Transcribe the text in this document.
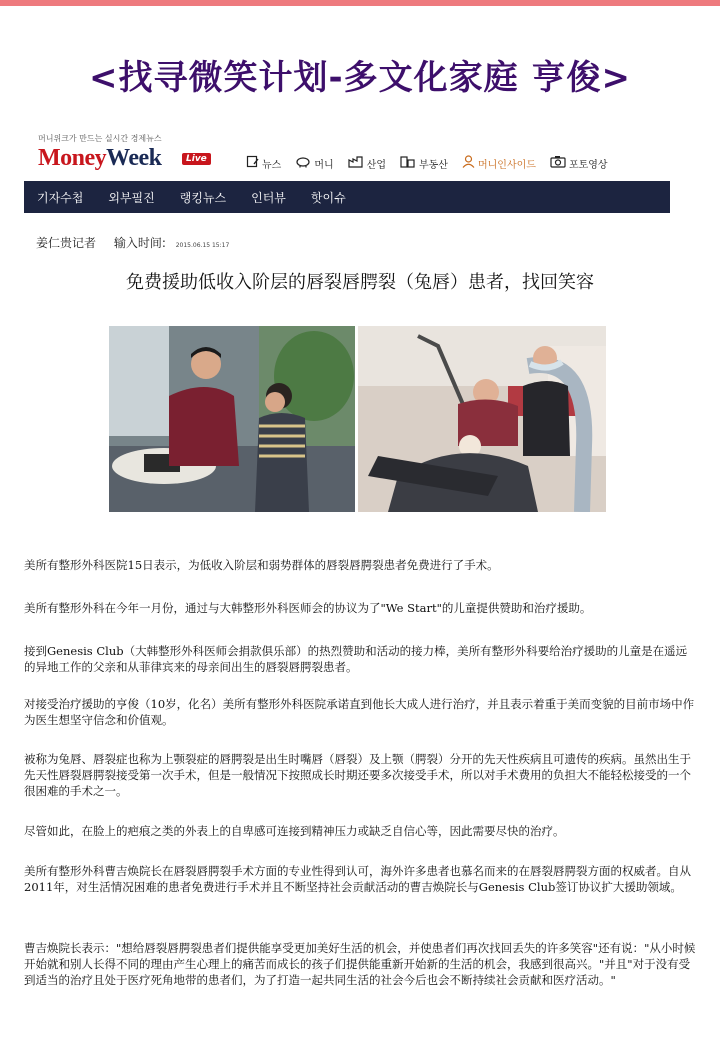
<找寻微笑计划-多文化家庭 亨俊>
머니위크가 만드는 실시간 경제뉴스
MoneyWeek	Live
뉴스	머니	산업	부동산	머니인사이드	포토영상
기자수첩 외부필진 랭킹뉴스 인터뷰 핫이슈
姜仁贵记者 输入时间: 2015.06.15 15:17
免费援助低收入阶层的唇裂唇腭裂（兔唇）患者，找回笑容
美所有整形外科医院15日表示，为低收入阶层和弱势群体的唇裂唇腭裂患者免费进行了手术。
美所有整形外科在今年一月份，通过与大韩整形外科医师会的协议为了"We Start"的儿童提供赞助和治疗援助。
接到Genesis Club（大韩整形外科医师会捐款俱乐部）的热烈赞助和活动的接力棒，美所有整形外科要给治疗援助的儿童是在遥远的异地工作的父亲和从菲律宾来的母亲间出生的唇裂唇腭裂患者。
对接受治疗援助的亨俊（10岁，化名）美所有整形外科医院承诺直到他长大成人进行治疗，并且表示着重于美而变貌的目前市场中作为医生想坚守信念和价值观。
被称为兔唇、唇裂症也称为上颚裂症的唇腭裂是出生时嘴唇（唇裂）及上颚（腭裂）分开的先天性疾病且可遗传的疾病。虽然出生于先天性唇裂唇腭裂接受第一次手术，但是一般情况下按照成长时期还要多次接受手术，所以对手术费用的负担大不能轻松接受的一个很困难的手术之一。
尽管如此，在脸上的疤痕之类的外表上的自卑感可连接到精神压力或缺乏自信心等，因此需要尽快的治疗。
美所有整形外科曹吉焕院长在唇裂唇腭裂手术方面的专业性得到认可，海外许多患者也慕名而来的在唇裂唇腭裂方面的权威者。自从2011年，对生活情况困难的患者免费进行手术并且不断坚持社会贡献活动的曹吉焕院长与Genesis Club签订协议扩大援助领域。
曹吉焕院长表示："想给唇裂唇腭裂患者们提供能享受更加美好生活的机会，并使患者们再次找回丢失的许多笑容"还有说："从小时候开始就和别人长得不同的理由产生心理上的痛苦而成长的孩子们提供能重新开始新的生活的机会，我感到很高兴。"并且"对于没有受到适当的治疗且处于医疗死角地带的患者们，为了打造一起共同生活的社会今后也会不断持续社会贡献和医疗活动。"
